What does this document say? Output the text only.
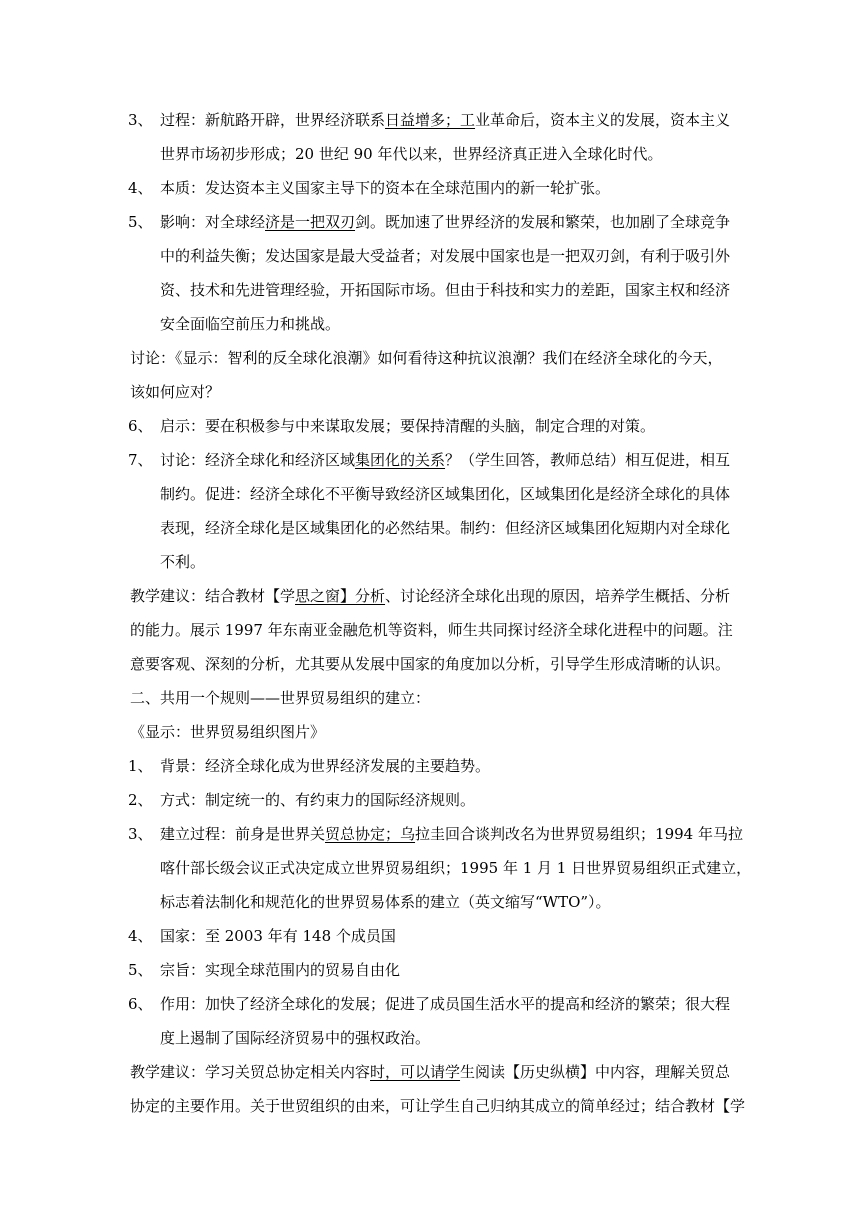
3、 过程：新航路开辟，世界经济联系日益增多；工业革命后，资本主义的发展，资本主义
世界市场初步形成；20 世纪 90 年代以来，世界经济真正进入全球化时代。
4、 本质：发达资本主义国家主导下的资本在全球范围内的新一轮扩张。
5、 影响：对全球经济是一把双刃剑。既加速了世界经济的发展和繁荣，也加剧了全球竞争
中的利益失衡；发达国家是最大受益者；对发展中国家也是一把双刃剑，有利于吸引外
资、技术和先进管理经验，开拓国际市场。但由于科技和实力的差距，国家主权和经济
安全面临空前压力和挑战。
讨论：《显示：智利的反全球化浪潮》如何看待这种抗议浪潮？我们在经济全球化的今天，
该如何应对？
6、 启示：要在积极参与中来谋取发展；要保持清醒的头脑，制定合理的对策。
7、 讨论：经济全球化和经济区域集团化的关系？（学生回答，教师总结）相互促进，相互
制约。促进：经济全球化不平衡导致经济区域集团化，区域集团化是经济全球化的具体
表现，经济全球化是区域集团化的必然结果。制约：但经济区域集团化短期内对全球化
不利。
教学建议：结合教材【学思之窗】分析、讨论经济全球化出现的原因，培养学生概括、分析
的能力。展示 1997 年东南亚金融危机等资料，师生共同探讨经济全球化进程中的问题。注
意要客观、深刻的分析，尤其要从发展中国家的角度加以分析，引导学生形成清晰的认识。
二、共用一个规则——世界贸易组织的建立：
《显示：世界贸易组织图片》
1、 背景：经济全球化成为世界经济发展的主要趋势。
2、 方式：制定统一的、有约束力的国际经济规则。
3、 建立过程：前身是世界关贸总协定；乌拉圭回合谈判改名为世界贸易组织；1994 年马拉
喀什部长级会议正式决定成立世界贸易组织；1995 年 1 月 1 日世界贸易组织正式建立，
标志着法制化和规范化的世界贸易体系的建立（英文缩写“WTO”）。
4、 国家：至 2003 年有 148 个成员国
5、 宗旨：实现全球范围内的贸易自由化
6、 作用：加快了经济全球化的发展；促进了成员国生活水平的提高和经济的繁荣；很大程
度上遏制了国际经济贸易中的强权政治。
教学建议：学习关贸总协定相关内容时，可以请学生阅读【历史纵横】中内容，理解关贸总
协定的主要作用。关于世贸组织的由来，可让学生自己归纳其成立的简单经过；结合教材【学
